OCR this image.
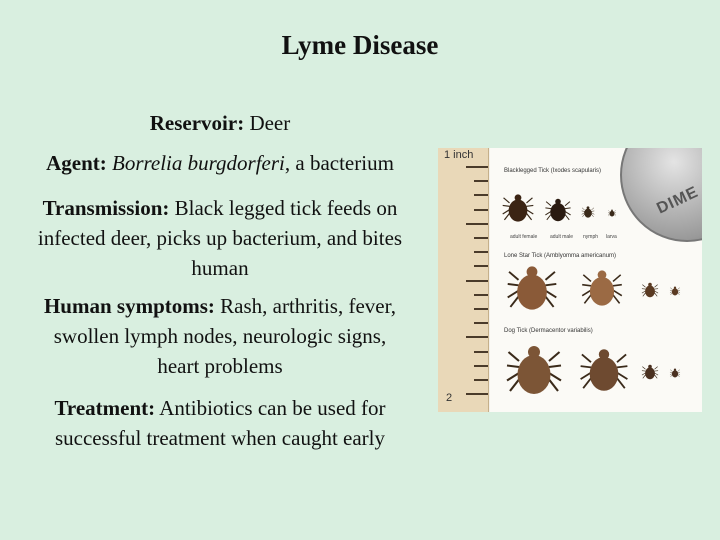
Lyme Disease
Reservoir: Deer
Agent: Borrelia burgdorferi, a bacterium
Transmission: Black legged tick feeds on
infected deer, picks up bacterium, and bites
human
Human symptoms: Rash, arthritis, fever,
swollen lymph nodes, neurologic signs,
heart problems
Treatment: Antibiotics can be used for
successful treatment when caught early
1 inch
2
DIME
Blacklegged Tick (Ixodes scapularis)
adult female	adult male nymph larva
Lone Star Tick (Amblyomma americanum)
Dog Tick (Dermacentor variabilis)
